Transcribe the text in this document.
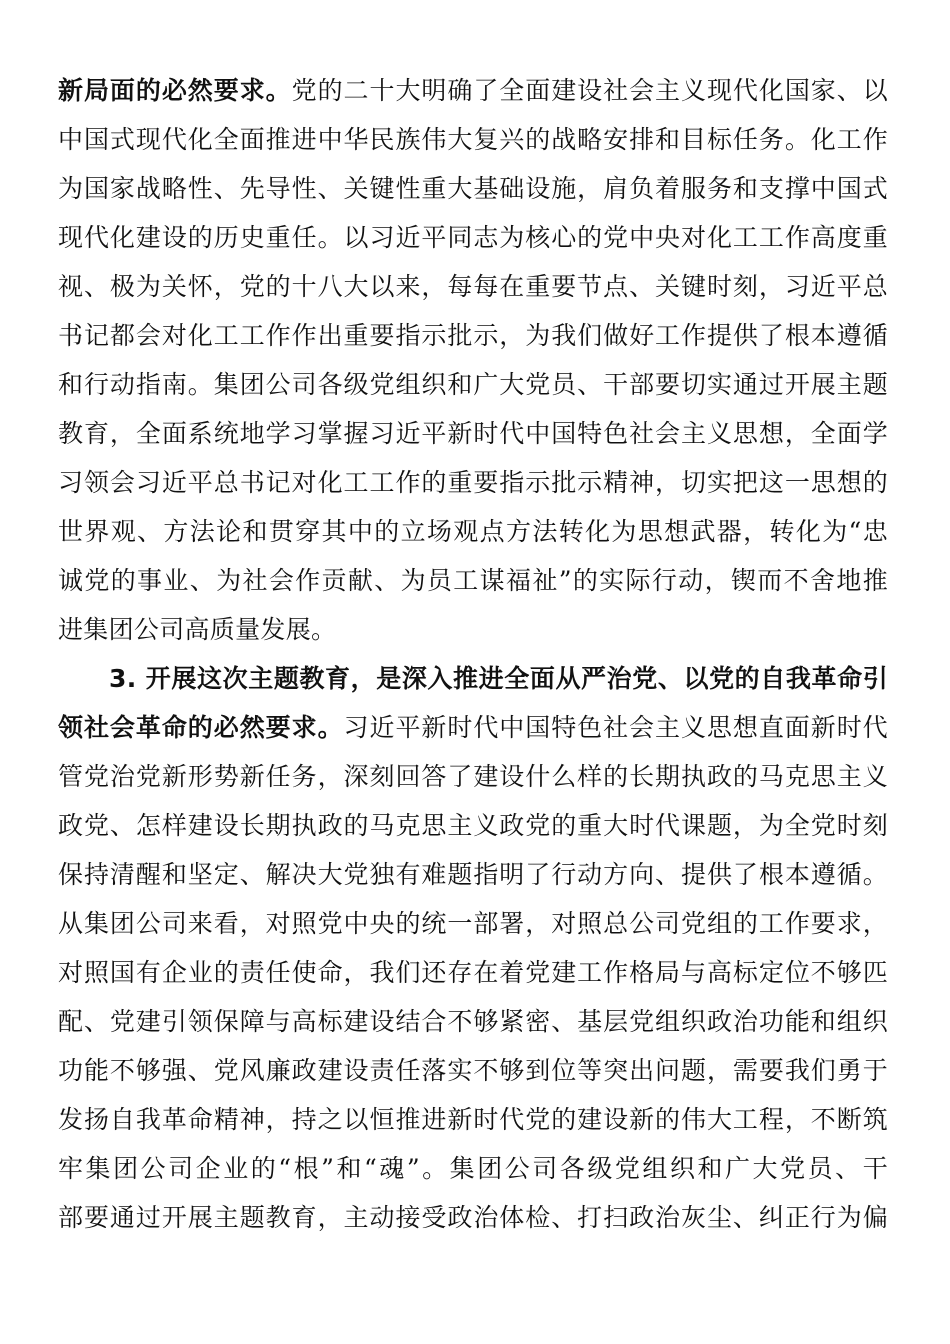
新局面的必然要求。党的二十大明确了全面建设社会主义现代化国家、以
中国式现代化全面推进中华民族伟大复兴的战略安排和目标任务。化工作
为国家战略性、先导性、关键性重大基础设施，肩负着服务和支撑中国式
现代化建设的历史重任。以习近平同志为核心的党中央对化工工作高度重
视、极为关怀，党的十八大以来，每每在重要节点、关键时刻，习近平总
书记都会对化工工作作出重要指示批示，为我们做好工作提供了根本遵循
和行动指南。集团公司各级党组织和广大党员、干部要切实通过开展主题
教育，全面系统地学习掌握习近平新时代中国特色社会主义思想，全面学
习领会习近平总书记对化工工作的重要指示批示精神，切实把这一思想的
世界观、方法论和贯穿其中的立场观点方法转化为思想武器，转化为“忠
诚党的事业、为社会作贡献、为员工谋福祉”的实际行动，锲而不舍地推
进集团公司高质量发展。
3. 开展这次主题教育，是深入推进全面从严治党、以党的自我革命引
领社会革命的必然要求。习近平新时代中国特色社会主义思想直面新时代
管党治党新形势新任务，深刻回答了建设什么样的长期执政的马克思主义
政党、怎样建设长期执政的马克思主义政党的重大时代课题，为全党时刻
保持清醒和坚定、解决大党独有难题指明了行动方向、提供了根本遵循。
从集团公司来看，对照党中央的统一部署，对照总公司党组的工作要求，
对照国有企业的责任使命，我们还存在着党建工作格局与高标定位不够匹
配、党建引领保障与高标建设结合不够紧密、基层党组织政治功能和组织
功能不够强、党风廉政建设责任落实不够到位等突出问题，需要我们勇于
发扬自我革命精神，持之以恒推进新时代党的建设新的伟大工程，不断筑
牢集团公司企业的“根”和“魂”。集团公司各级党组织和广大党员、干
部要通过开展主题教育，主动接受政治体检、打扫政治灰尘、纠正行为偏
